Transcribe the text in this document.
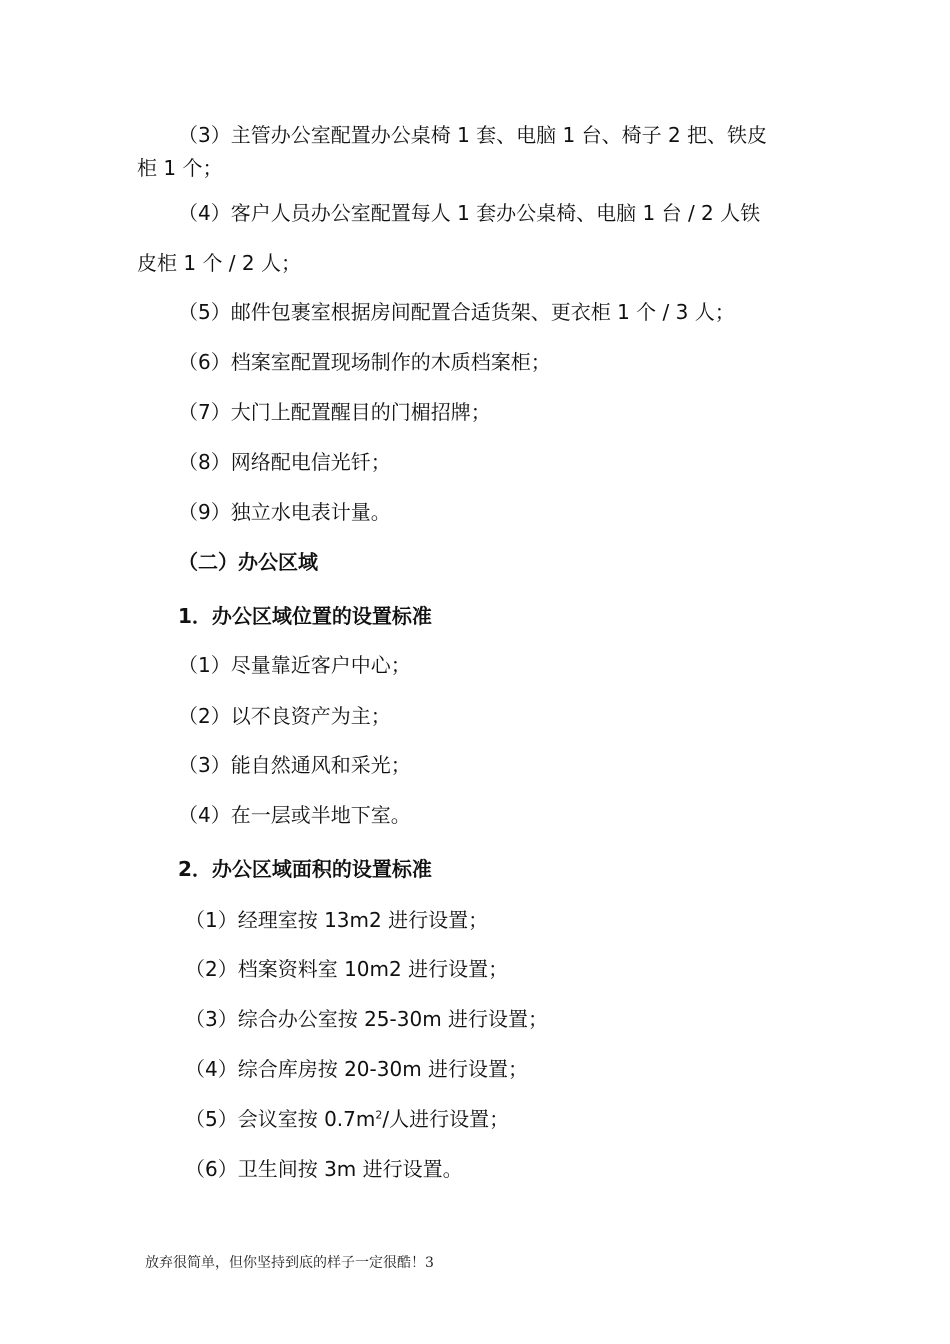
（3）主管办公室配置办公桌椅 1 套、电脑 1 台、椅子 2 把、铁皮
柜 1 个；
（4）客户人员办公室配置每人 1 套办公桌椅、电脑 1 台 / 2 人铁
皮柜 1 个 / 2 人；
（5）邮件包裹室根据房间配置合适货架、更衣柜 1 个 / 3 人；
（6）档案室配置现场制作的木质档案柜；
（7）大门上配置醒目的门楣招牌；
（8）网络配电信光钎；
（9）独立水电表计量。
（二）办公区域
1．办公区域位置的设置标准
（1）尽量靠近客户中心；
（2）以不良资产为主；
（3）能自然通风和采光；
（4）在一层或半地下室。
2．办公区域面积的设置标准
（1）经理室按 13m2 进行设置；
（2）档案资料室 10m2 进行设置；
（3）综合办公室按 25-30m 进行设置；
（4）综合库房按 20-30m 进行设置；
（5）会议室按 $0.7m^2/$人进行设置；
（6）卫生间按 3m 进行设置。
放弃很简单，但你坚持到底的样子一定很酷！3
